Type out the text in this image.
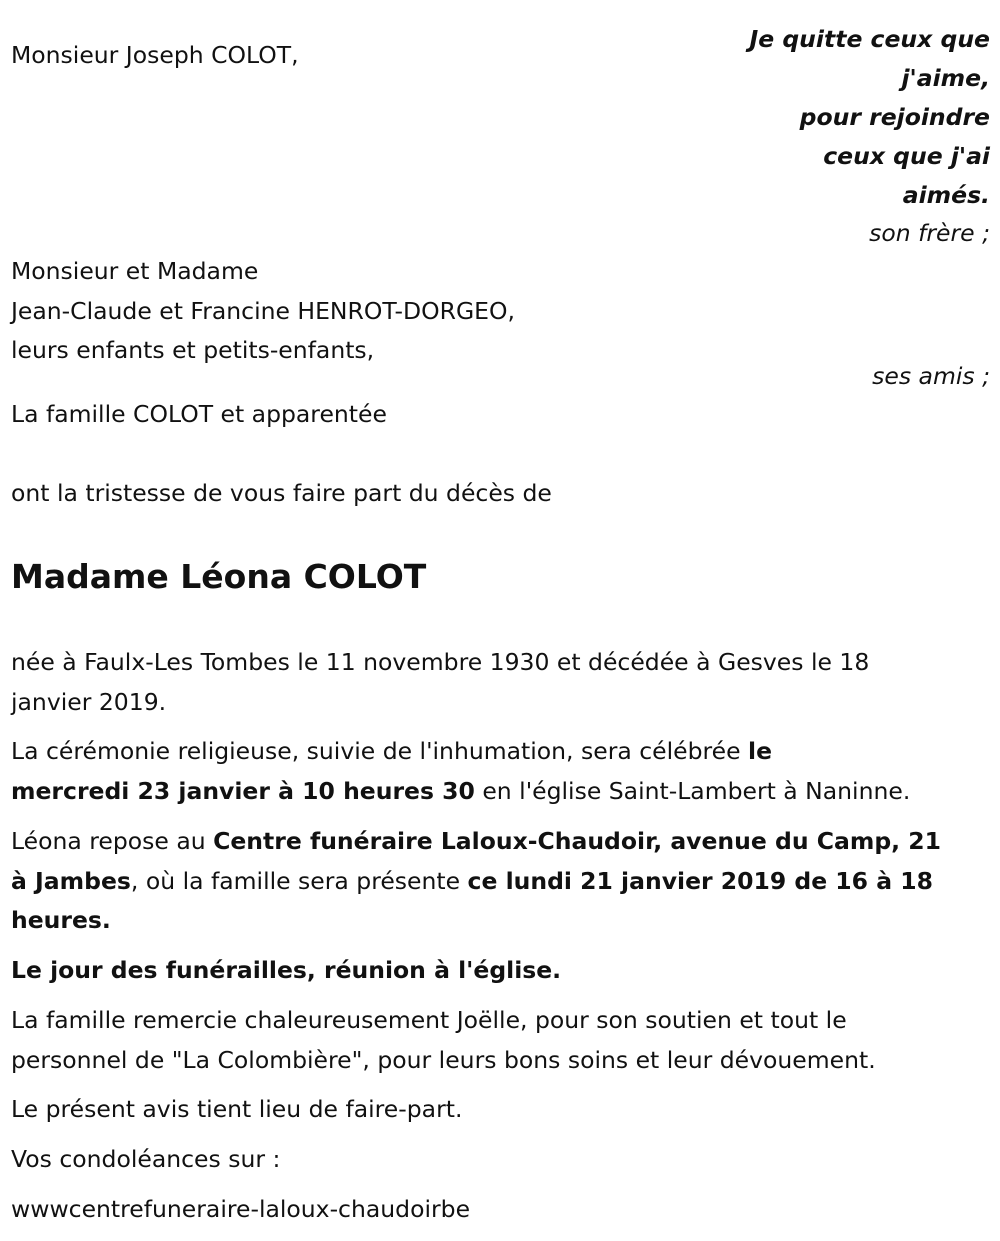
Je quitte ceux que
j'aime,
pour rejoindre
ceux que j'ai
aimés.
son frère ;
ses amis ;
Monsieur Joseph COLOT,
Monsieur et Madame
Jean-Claude et Francine HENROT-DORGEO,
leurs enfants et petits-enfants,
La famille COLOT et apparentée
ont la tristesse de vous faire part du décès de
Madame Léona COLOT
née à Faulx-Les Tombes le 11 novembre 1930 et décédée à Gesves le 18
janvier 2019.
La cérémonie religieuse, suivie de l'inhumation, sera célébrée le
mercredi 23 janvier à 10 heures 30 en l'église Saint-Lambert à Naninne.
Léona repose au Centre funéraire Laloux-Chaudoir, avenue du Camp, 21
à Jambes, où la famille sera présente ce lundi 21 janvier 2019 de 16 à 18
heures.
Le jour des funérailles, réunion à l'église.
La famille remercie chaleureusement Joëlle, pour son soutien et tout le
personnel de "La Colombière", pour leurs bons soins et leur dévouement.
Le présent avis tient lieu de faire-part.
Vos condoléances sur :
wwwcentrefuneraire-laloux-chaudoirbe
